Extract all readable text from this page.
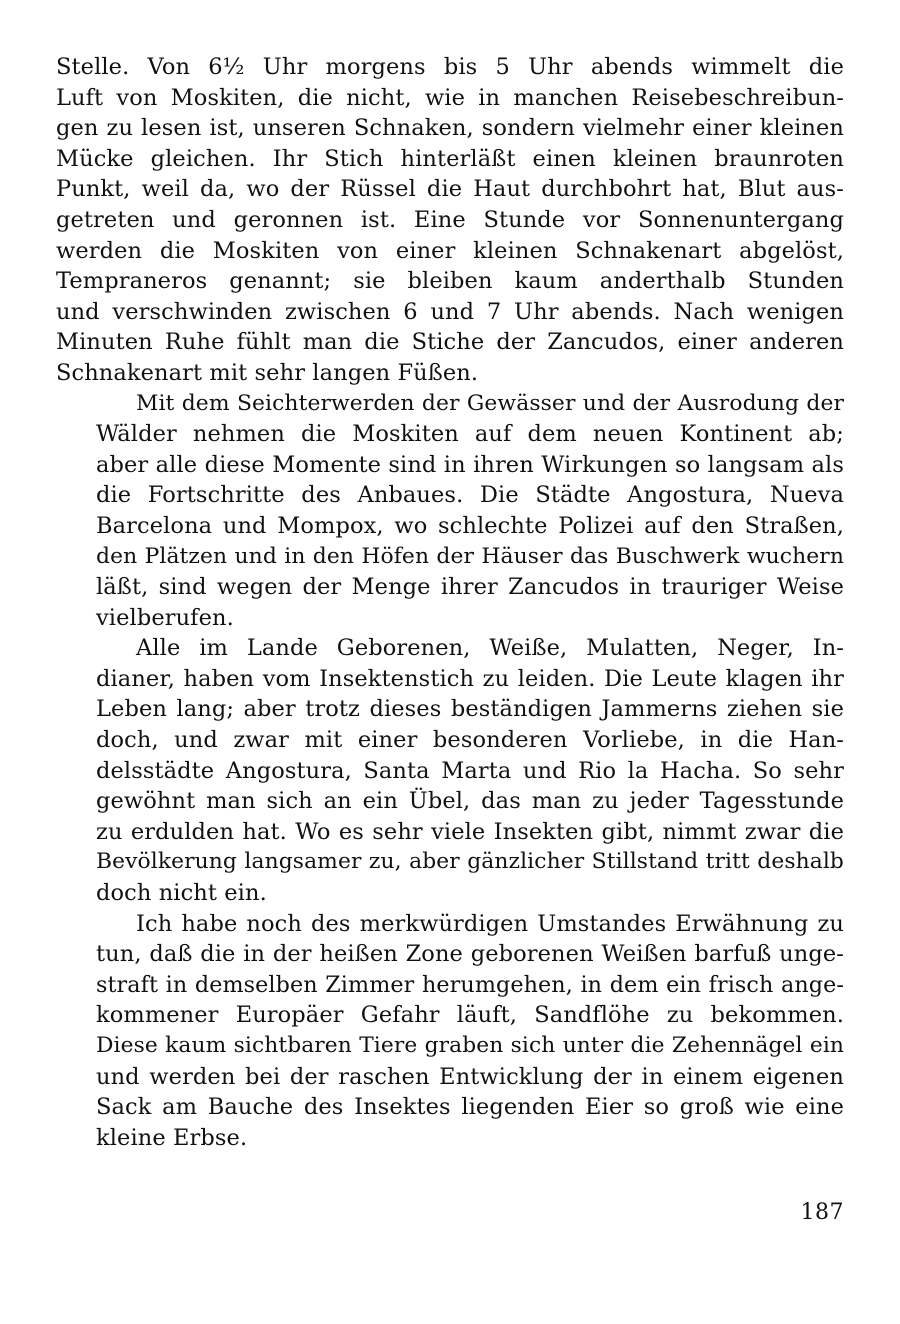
Stelle. Von 6½ Uhr morgens bis 5 Uhr abends wimmelt die
Luft von Moskiten, die nicht, wie in manchen Reisebeschreibun-
gen zu lesen ist, unseren Schnaken, sondern vielmehr einer kleinen
Mücke gleichen. Ihr Stich hinterläßt einen kleinen braunroten
Punkt, weil da, wo der Rüssel die Haut durchbohrt hat, Blut aus-
getreten und geronnen ist. Eine Stunde vor Sonnenuntergang
werden die Moskiten von einer kleinen Schnakenart abgelöst,
Tempraneros genannt; sie bleiben kaum anderthalb Stunden
und verschwinden zwischen 6 und 7 Uhr abends. Nach wenigen
Minuten Ruhe fühlt man die Stiche der Zancudos, einer anderen
Schnakenart mit sehr langen Füßen.
Mit dem Seichterwerden der Gewässer und der Ausrodung der
Wälder nehmen die Moskiten auf dem neuen Kontinent ab;
aber alle diese Momente sind in ihren Wirkungen so langsam als
die Fortschritte des Anbaues. Die Städte Angostura, Nueva
Barcelona und Mompox, wo schlechte Polizei auf den Straßen,
den Plätzen und in den Höfen der Häuser das Buschwerk wuchern
läßt, sind wegen der Menge ihrer Zancudos in trauriger Weise
vielberufen.
Alle im Lande Geborenen, Weiße, Mulatten, Neger, In-
dianer, haben vom Insektenstich zu leiden. Die Leute klagen ihr
Leben lang; aber trotz dieses beständigen Jammerns ziehen sie
doch, und zwar mit einer besonderen Vorliebe, in die Han-
delsstädte Angostura, Santa Marta und Rio la Hacha. So sehr
gewöhnt man sich an ein Übel, das man zu jeder Tagesstunde
zu erdulden hat. Wo es sehr viele Insekten gibt, nimmt zwar die
Bevölkerung langsamer zu, aber gänzlicher Stillstand tritt deshalb
doch nicht ein.
Ich habe noch des merkwürdigen Umstandes Erwähnung zu
tun, daß die in der heißen Zone geborenen Weißen barfuß unge-
straft in demselben Zimmer herumgehen, in dem ein frisch ange-
kommener Europäer Gefahr läuft, Sandflöhe zu bekommen.
Diese kaum sichtbaren Tiere graben sich unter die Zehennägel ein
und werden bei der raschen Entwicklung der in einem eigenen
Sack am Bauche des Insektes liegenden Eier so groß wie eine
kleine Erbse.
187
